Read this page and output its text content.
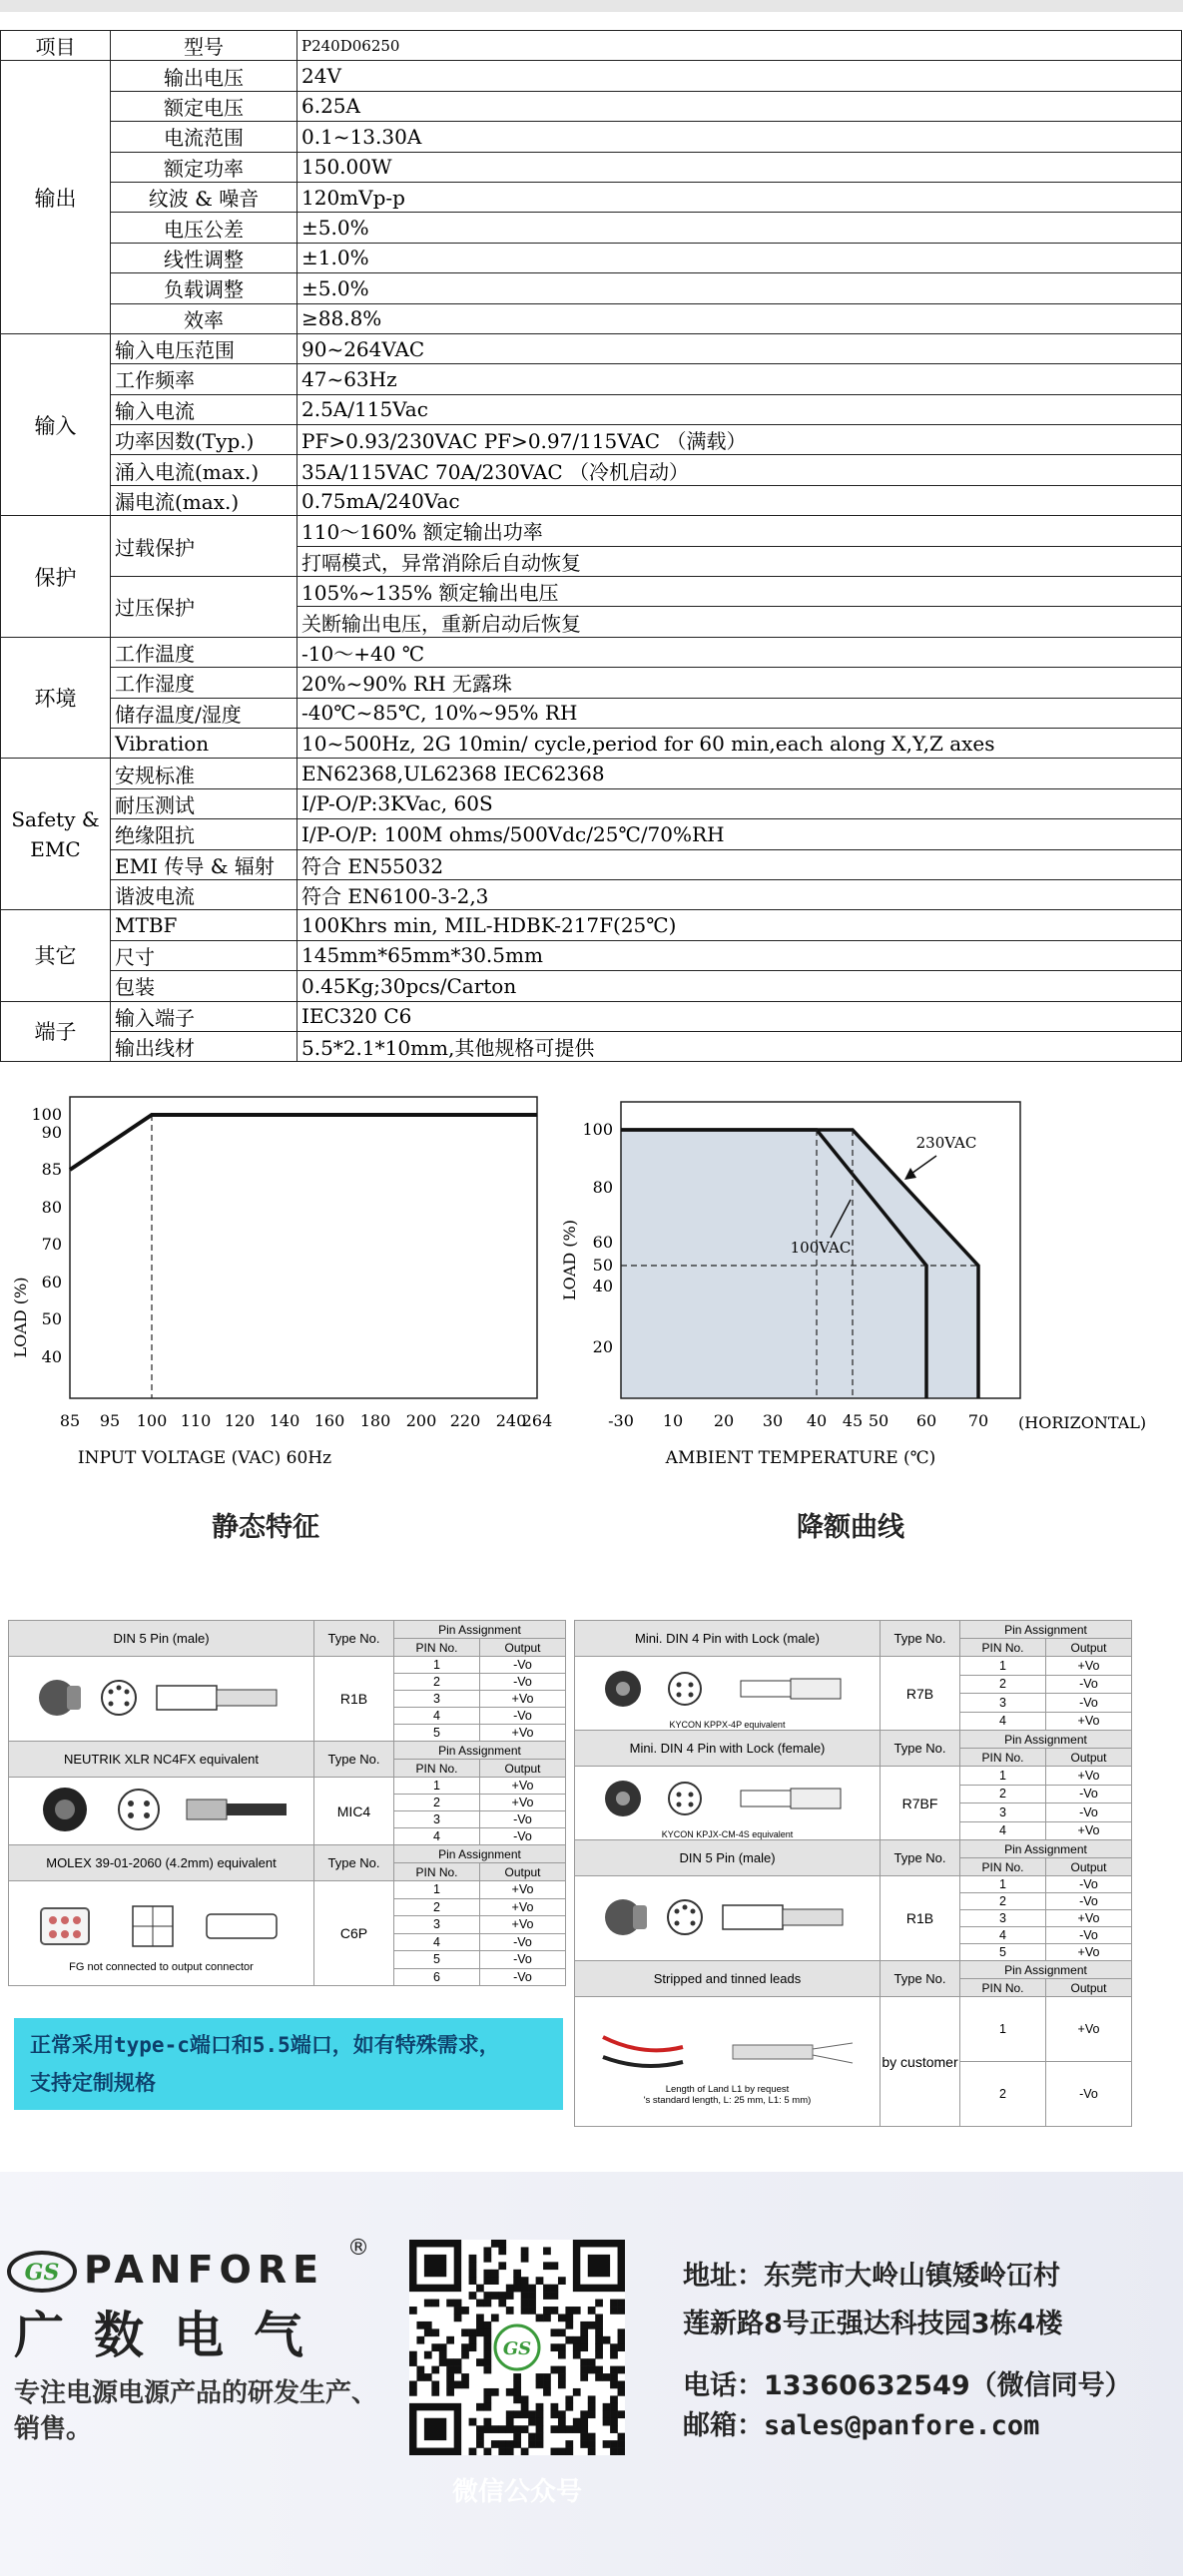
项目	型号	P240D06250
输出	输出电压	24V
	额定电压	6.25A
	电流范围	0.1~13.30A
	额定功率	150.00W
	纹波 & 噪音	120mVp-p
	电压公差	±5.0%
	线性调整	±1.0%
	负载调整	±5.0%
	效率	≥88.8%
输入	输入电压范围	90~264VAC
	工作频率	47~63Hz
	输入电流	2.5A/115Vac
	功率因数(Typ.)	PF>0.93/230VAC PF>0.97/115VAC （满载）
	涌入电流(max.)	35A/115VAC 70A/230VAC （冷机启动）
	漏电流(max.)	0.75mA/240Vac
保护	过载保护	110～160% 额定输出功率
		打嗝模式，异常消除后自动恢复
	过压保护	105%~135% 额定输出电压
		关断输出电压，重新启动后恢复
环境	工作温度	-10～+40 ℃
	工作湿度	20%~90% RH 无露珠
	储存温度/湿度	-40℃~85℃, 10%~95% RH
	Vibration	10~500Hz, 2G 10min/ cycle,period for 60 min,each along X,Y,Z axes
Safety & EMC	安规标准	EN62368,UL62368 IEC62368
	耐压测试	I/P-O/P:3KVac, 60S
	绝缘阻抗	I/P-O/P: 100M ohms/500Vdc/25℃/70%RH
	EMI 传导 & 辐射	符合 EN55032
	谐波电流	符合 EN6100-3-2,3
其它	MTBF	100Khrs min, MIL-HDBK-217F(25℃)
	尺寸	145mm*65mm*30.5mm
	包装	0.45Kg;30pcs/Carton
端子	输入端子	IEC320 C6
	输出线材	5.5*2.1*10mm,其他规格可提供
85 95 100 110 120 140 160 180 200 220 240
264
40
50
60
70
80
85
90
100
INPUT VOLTAGE (VAC) 60Hz
LOAD (%)
静态特征
-30 10 20 30 40 45 50 60 70
20
40
50
60
80
100
100VAC
230VAC
AMBIENT TEMPERATURE (℃)
(HORIZONTAL)
LOAD (%)
降额曲线
DIN 5 Pin (male)	Type No.	Pin Assignment	
		PIN No.	Output
	R1B	1	-Vo
		2	-Vo
		3	+Vo
		4	-Vo
		5	+Vo
NEUTRIK XLR NC4FX equivalent	Type No.	Pin Assignment	
		PIN No.	Output
	MIC4	1	+Vo
		2	+Vo
		3	-Vo
		4	-Vo
MOLEX 39-01-2060 (4.2mm) equivalent	Type No.	Pin Assignment	
		PIN No.	Output

FG not connected to output connector	C6P	1	+Vo
		2	+Vo
		3	+Vo
		4	-Vo
		5	-Vo
		6	-Vo
Mini. DIN 4 Pin with Lock (male)	Type No.	Pin Assignment	
		PIN No.	Output

KYCON KPPX-4P equivalent	R7B	1	+Vo
		2	-Vo
		3	-Vo
		4	+Vo
Mini. DIN 4 Pin with Lock (female)	Type No.	Pin Assignment	
		PIN No.	Output

KYCON KPJX-CM-4S equivalent	R7BF	1	+Vo
		2	-Vo
		3	-Vo
		4	+Vo
DIN 5 Pin (male)	Type No.	Pin Assignment	
		PIN No.	Output
	R1B	1	-Vo
		2	-Vo
		3	+Vo
		4	-Vo
		5	+Vo
Stripped and tinned leads	Type No.	Pin Assignment	
		PIN No.	Output

Length of Land L1 by request
's standard length, L: 25 mm, L1: 5 mm)	by customer	1	+Vo
		2	-Vo
正常采用type-c端口和5.5端口，如有特殊需求，
支持定制规格
GS PANFORE ®
广数电气
专注电源电源产品的研发生产、销售。
GS
微信公众号
地址：东莞市大岭山镇矮岭冚村
莲新路8号正强达科技园3栋4楼
电话：13360632549（微信同号）
邮箱：sales@panfore.com
